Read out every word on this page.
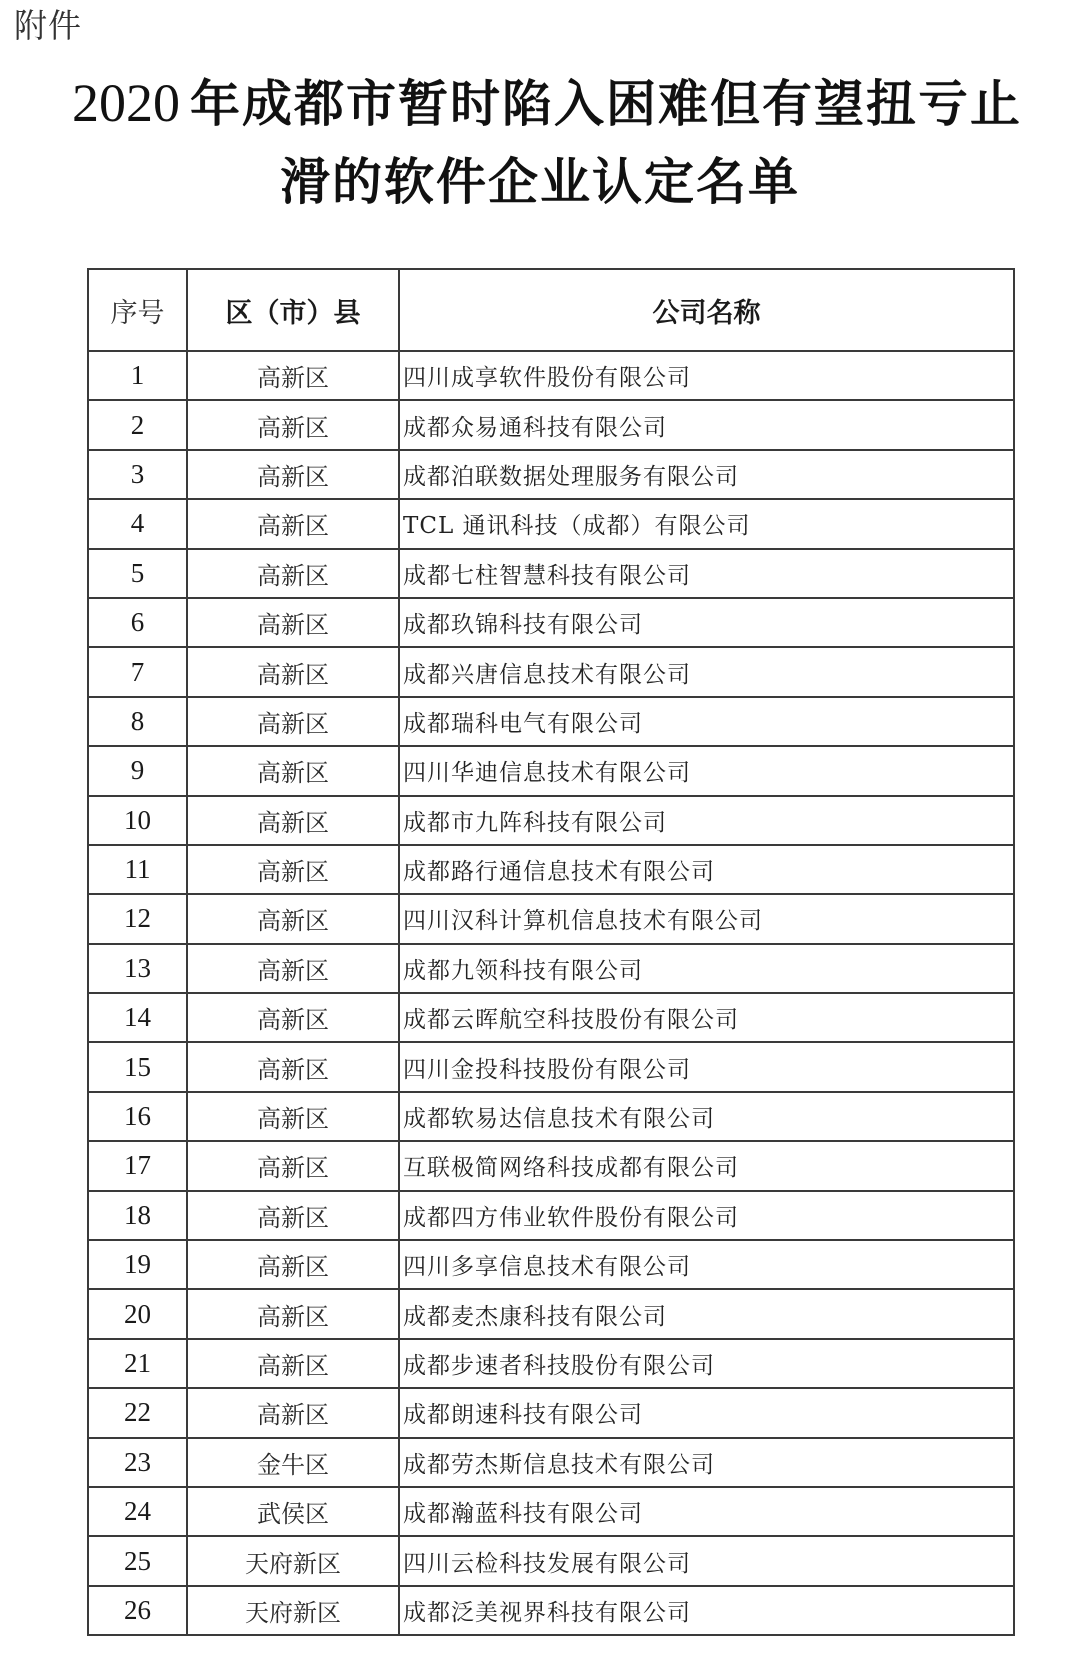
附件
2020 年成都市暂时陷入困难但有望扭亏止
滑的软件企业认定名单
序号	区（市）县	公司名称
1	高新区	四川成享软件股份有限公司
2	高新区	成都众易通科技有限公司
3	高新区	成都泊联数据处理服务有限公司
4	高新区	TCL 通讯科技（成都）有限公司
5	高新区	成都七柱智慧科技有限公司
6	高新区	成都玖锦科技有限公司
7	高新区	成都兴唐信息技术有限公司
8	高新区	成都瑞科电气有限公司
9	高新区	四川华迪信息技术有限公司
10	高新区	成都市九阵科技有限公司
11	高新区	成都路行通信息技术有限公司
12	高新区	四川汉科计算机信息技术有限公司
13	高新区	成都九领科技有限公司
14	高新区	成都云晖航空科技股份有限公司
15	高新区	四川金投科技股份有限公司
16	高新区	成都软易达信息技术有限公司
17	高新区	互联极简网络科技成都有限公司
18	高新区	成都四方伟业软件股份有限公司
19	高新区	四川多享信息技术有限公司
20	高新区	成都麦杰康科技有限公司
21	高新区	成都步速者科技股份有限公司
22	高新区	成都朗速科技有限公司
23	金牛区	成都劳杰斯信息技术有限公司
24	武侯区	成都瀚蓝科技有限公司
25	天府新区	四川云检科技发展有限公司
26	天府新区	成都泛美视界科技有限公司
